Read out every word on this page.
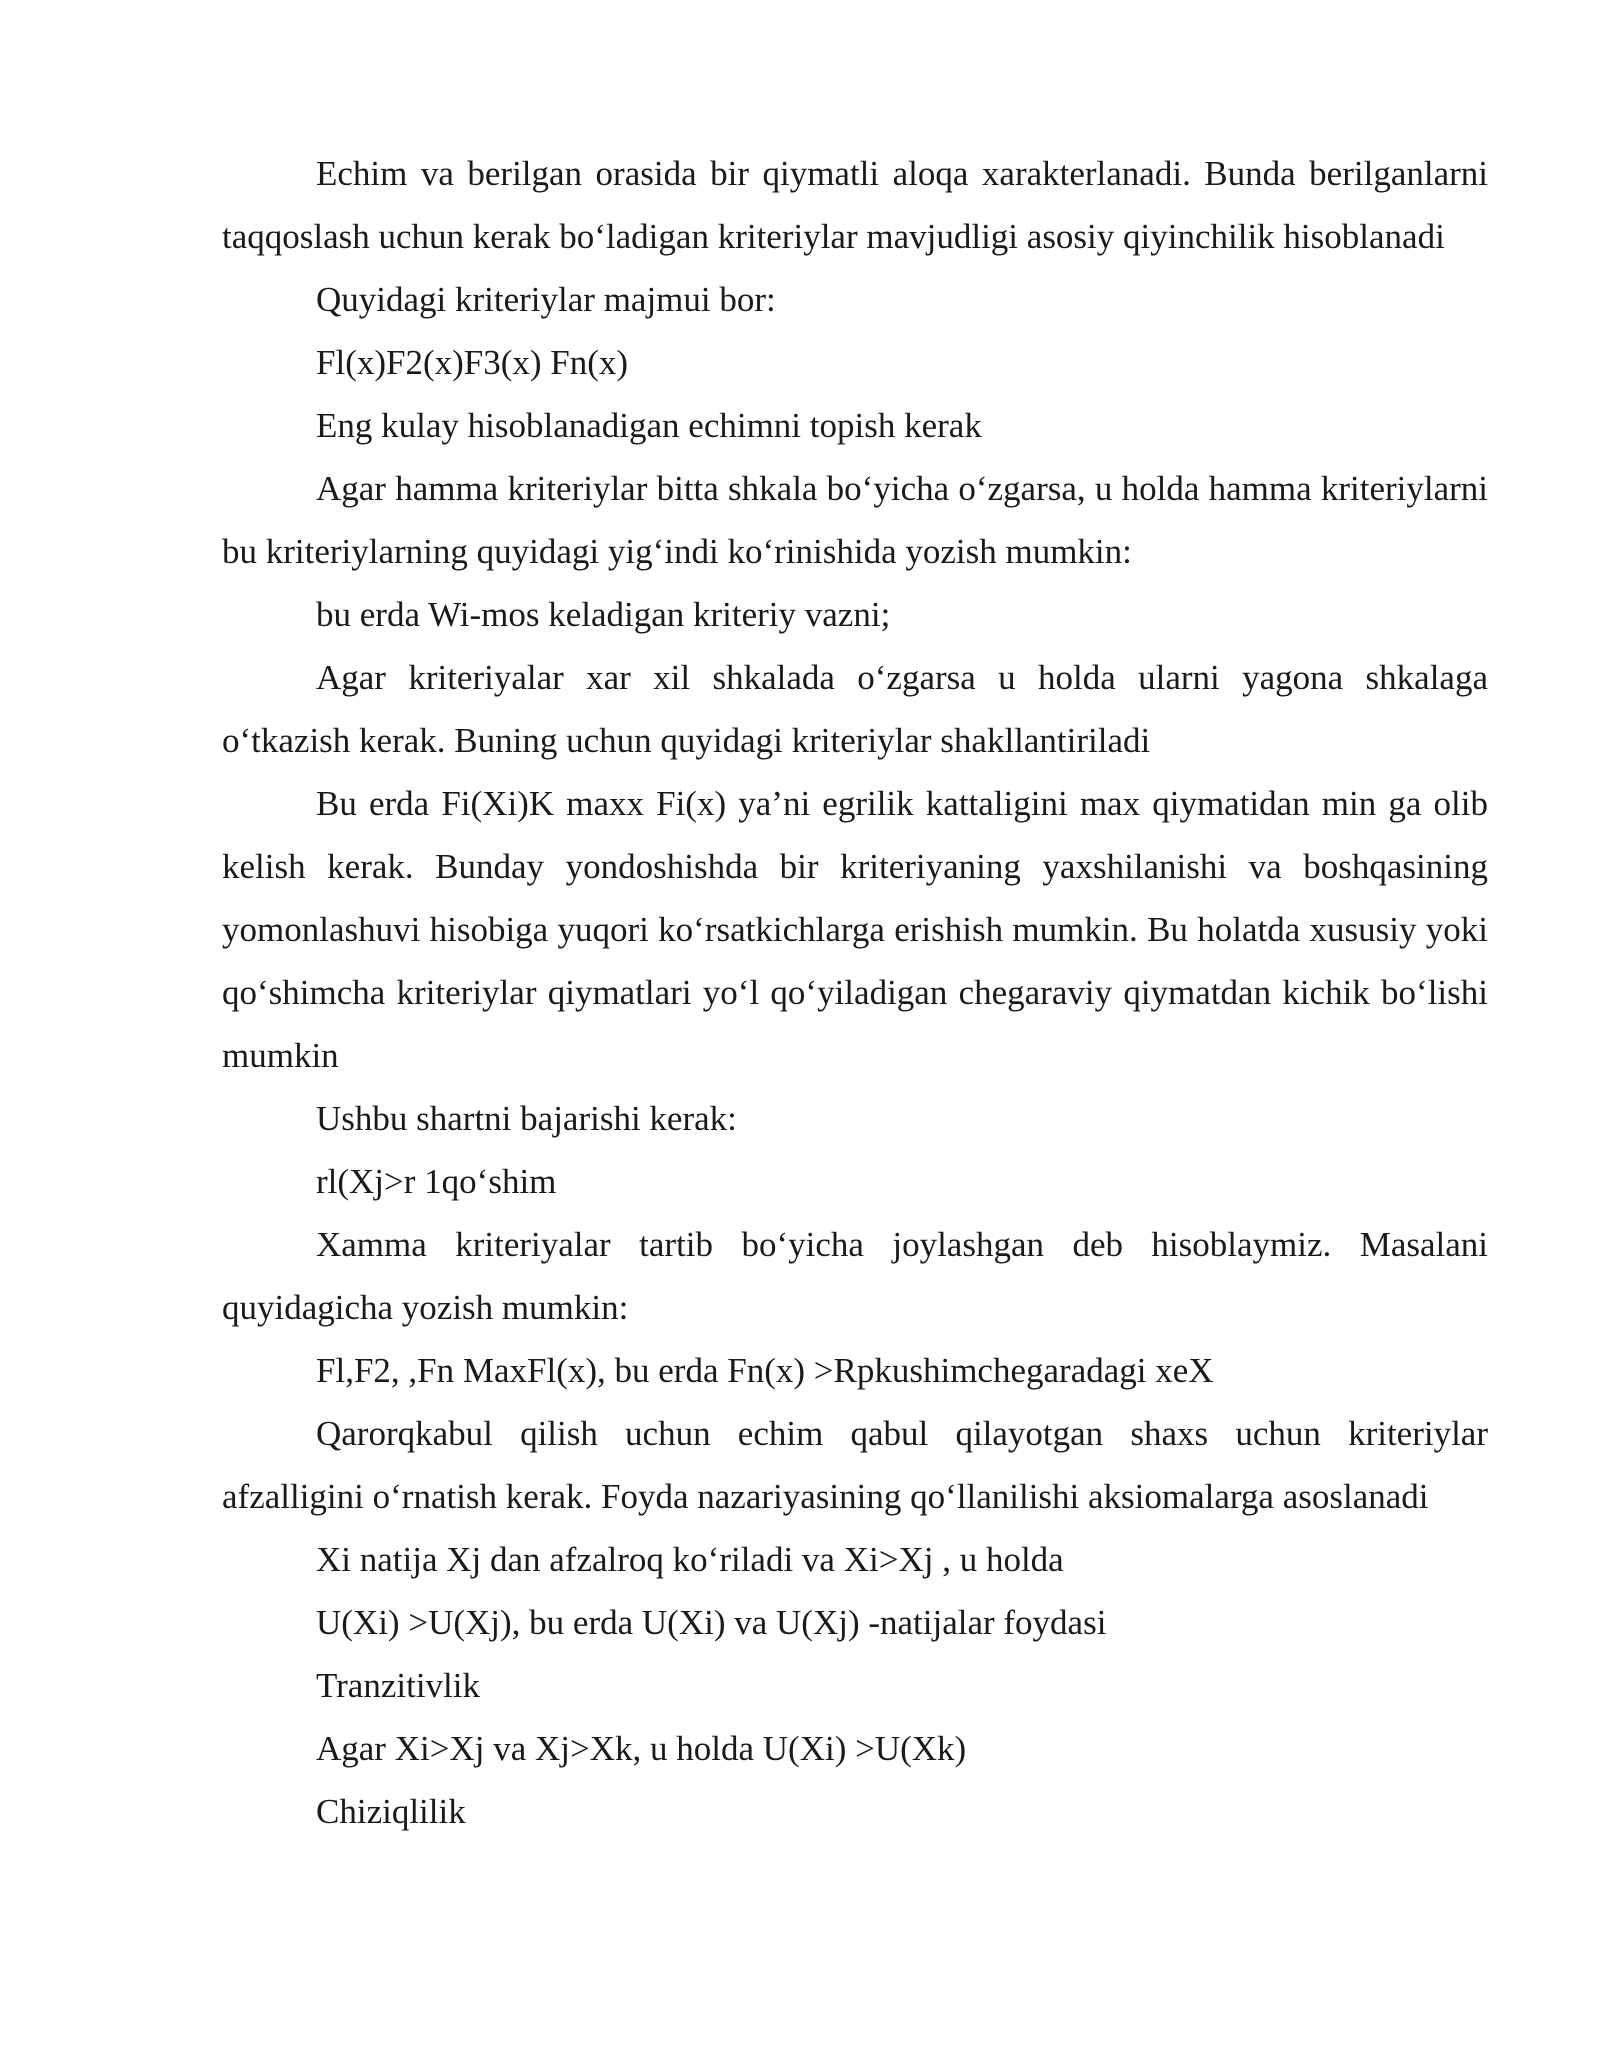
Echim va berilgan orasida bir qiymatli aloqa xarakterlanadi. Bunda berilganlarni taqqoslash uchun kerak bo‘ladigan kriteriylar mavjudligi asosiy qiyinchilik hisoblanadi

Quyidagi kriteriylar majmui bor:

Fl(x)F2(x)F3(x) Fn(x)

Eng kulay hisoblanadigan echimni topish kerak

Agar hamma kriteriylar bitta shkala bo‘yicha o‘zgarsa, u holda hamma kriteriylarni bu kriteriylarning quyidagi yig‘indi ko‘rinishida yozish mumkin:

bu erda Wi-mos keladigan kriteriy vazni;

Agar kriteriyalar xar xil shkalada o‘zgarsa u holda ularni yagona shkalaga o‘tkazish kerak. Buning uchun quyidagi kriteriylar shakllantiriladi

Bu erda Fi(Xi)K maxx Fi(x) ya’ni egrilik kattaligini max qiymatidan min ga olib kelish kerak. Bunday yondoshishda bir kriteriyaning yaxshilanishi va boshqasining yomonlashuvi hisobiga yuqori ko‘rsatkichlarga erishish mumkin. Bu holatda xususiy yoki qo‘shimcha kriteriylar qiymatlari yo‘l qo‘yiladigan chegaraviy qiymatdan kichik bo‘lishi mumkin

Ushbu shartni bajarishi kerak:

rl(Xj>r 1qo‘shim

Xamma kriteriyalar tartib bo‘yicha joylashgan deb hisoblaymiz. Masalani quyidagicha yozish mumkin:

Fl,F2, ,Fn MaxFl(x), bu erda Fn(x) >Rpkushimchegaradagi xeX

Qarorqkabul qilish uchun echim qabul qilayotgan shaxs uchun kriteriylar afzalligini o‘rnatish kerak. Foyda nazariyasining qo‘llanilishi aksiomalarga asoslanadi

Xi natija Xj dan afzalroq ko‘riladi va Xi>Xj , u holda

U(Xi) >U(Xj), bu erda U(Xi) va U(Xj) -natijalar foydasi

Tranzitivlik

Agar Xi>Xj va Xj>Xk, u holda U(Xi) >U(Xk)

Chiziqlilik
